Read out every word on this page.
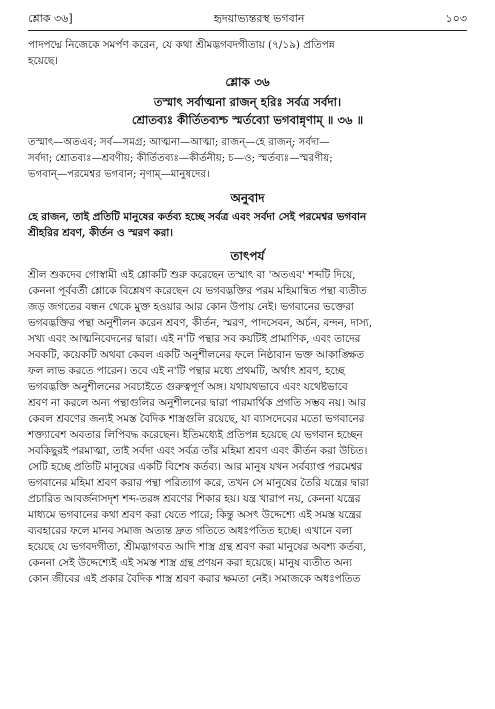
শ্লোক ৩৬]	হৃদয়াভ্যন্তরস্থ ভগবান	১০৩

পাদপদ্মে নিজেকে সমর্পণ করেন, যে কথা শ্রীমদ্ভগবদগীতায় (৭/১৯) প্রতিপন্ন

হয়েছে।

শ্লোক ৩৬
তস্মাৎ সর্বাত্মনা রাজন্ হরিঃ সর্বত্র সর্বদা।
শ্রোতব্যঃ কীর্তিতব্যশ্চ স্মর্তব্যো ভগবান্নৃণাম্ ॥ ৩৬ ॥

তস্মাৎ—অতএব; সর্ব—সমগ্র; আত্মনা—আত্মা; রাজন্—হে রাজন্; সর্বদা—

সর্বদা; শ্রোতব্যঃ—শ্রবণীয়; কীর্তিতব্যঃ—কীর্তনীয়; চ—ও; স্মর্তব্যঃ—স্মরণীয়;

ভগবান্—পরমেশ্বর ভগবান; নৃণাম্—মানুষদের।

অনুবাদ

হে রাজন, তাই প্রতিটি মানুষের কর্তব্য হচ্ছে সর্বত্র এবং সর্বদা সেই পরমেশ্বর ভগবান

শ্রীহরির শ্রবণ, কীর্তন ও স্মরণ করা।

তাৎপর্য

শ্রীল শুকদেব গোস্বামী এই শ্লোকটি শুরু করেছেন তস্মাৎ বা 'অতএব' শব্দটি দিয়ে,

কেননা পূর্ববর্তী শ্লোকে বিশ্লেষণ করেছেন যে ভগবদ্ভক্তির পরম মহিমান্বিত পন্থা ব্যতীত

জড় জগতের বন্ধন থেকে মুক্ত হওয়ার আর কোন উপায় নেই। ভগবানের ভক্তেরা

ভগবদ্ভক্তির পন্থা অনুশীলন করেন শ্রবণ, কীর্তন, স্মরণ, পাদসেবন, অর্চন, বন্দন, দাস্য,

সখ্য এবং আত্মনিবেদনের দ্বারা। এই ন'টি পন্থার সব কয়টিই প্রামাণিক, এবং তাদের

সবকটি, কয়েকটি অথবা কেবল একটি অনুশীলনের ফলে নিষ্ঠাবান ভক্ত আকাঙ্ক্ষিত

ফল লাভ করতে পারেন। তবে এই ন'টি পন্থার মধ্যে প্রথমটি, অর্থাৎ শ্রবণ, হচ্ছে

ভগবদ্ভক্তি অনুশীলনের সবচাইতে গুরুত্বপূর্ণ অঙ্গ। যথাযথভাবে এবং যথেষ্টভাবে

শ্রবণ না করলে অন্য পন্থাগুলির অনুশীলনের দ্বারা পারমার্থিক প্রগতি সম্ভব নয়। আর

কেবল শ্রবণের জন্যই সমস্ত বৈদিক শাস্ত্রগুলি রয়েছে, যা ব্যাসদেবের মতো ভগবানের

শক্ত্যাবেশ অবতার লিপিবদ্ধ করেছেন। ইতিমধ্যেই প্রতিপন্ন হয়েছে যে ভগবান হচ্ছেন

সবকিছুরই পরমাত্মা, তাই সর্বদা এবং সর্বত্র তাঁর মহিমা শ্রবণ এবং কীর্তন করা উচিত।

সেটি হচ্ছে প্রতিটি মানুষের একটি বিশেষ কর্তব্য। আর মানুষ যখন সর্বব্যাপ্ত পরমেশ্বর

ভগবানের মহিমা শ্রবণ করার পন্থা পরিত্যাগ করে, তখন সে মানুষের তৈরি যন্ত্রের দ্বারা

প্রচারিত আবর্জনাসদৃশ শব্দ-তরঙ্গ শ্রবণের শিকার হয়। যন্ত্র খারাপ নয়, কেননা যন্ত্রের

মাধ্যমে ভগবানের কথা শ্রবণ করা যেতে পারে; কিন্তু অসৎ উদ্দেশ্যে এই সমস্ত যন্ত্রের

ব্যবহারের ফলে মানব সমাজ অত্যন্ত দ্রুত গতিতে অধঃপতিত হচ্ছে। এখানে বলা

হয়েছে যে ভগবদগীতা, শ্রীমদ্ভাগবত আদি শাস্ত্র গ্রন্থ শ্রবণ করা মানুষের অবশ্য কর্তব্য,

কেননা সেই উদ্দেশ্যেই এই সমস্ত শাস্ত্র গ্রন্থ প্রণয়ন করা হয়েছে। মানুষ ব্যতীত অন্য

কোন জীবের এই প্রকার বৈদিক শাস্ত্র শ্রবণ করার ক্ষমতা নেই। সমাজকে অধঃপতিত
